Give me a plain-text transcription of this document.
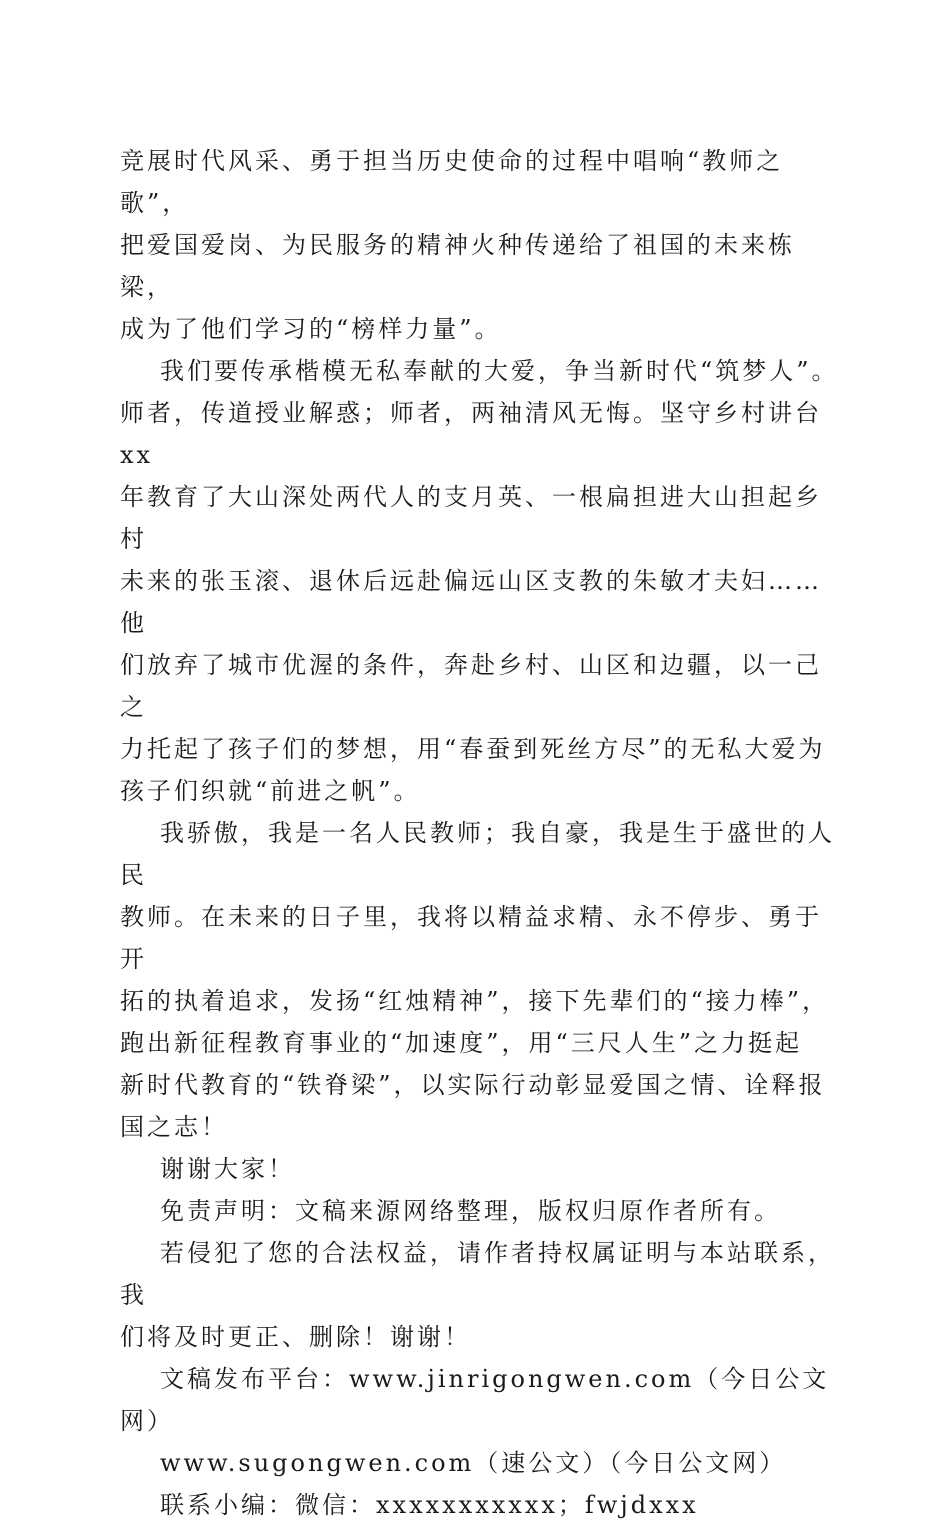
竞展时代风采、勇于担当历史使命的过程中唱响“教师之歌”，
把爱国爱岗、为民服务的精神火种传递给了祖国的未来栋梁，
成为了他们学习的“榜样力量”。

我们要传承楷模无私奉献的大爱，争当新时代“筑梦人”。
师者，传道授业解惑；师者，两袖清风无悔。坚守乡村讲台xx
年教育了大山深处两代人的支月英、一根扁担进大山担起乡村
未来的张玉滚、退休后远赴偏远山区支教的朱敏才夫妇……他
们放弃了城市优渥的条件，奔赴乡村、山区和边疆，以一己之
力托起了孩子们的梦想，用“春蚕到死丝方尽”的无私大爱为
孩子们织就“前进之帆”。

我骄傲，我是一名人民教师；我自豪，我是生于盛世的人民
教师。在未来的日子里，我将以精益求精、永不停步、勇于开
拓的执着追求，发扬“红烛精神”，接下先辈们的“接力棒”，
跑出新征程教育事业的“加速度”，用“三尺人生”之力挺起
新时代教育的“铁脊梁”，以实际行动彰显爱国之情、诠释报
国之志！

谢谢大家！

免责声明：文稿来源网络整理，版权归原作者所有。

若侵犯了您的合法权益，请作者持权属证明与本站联系，我
们将及时更正、删除！谢谢！

文稿发布平台：www.jinrigongwen.com（今日公文网）

www.sugongwen.com（速公文）（今日公文网）

联系小编：微信：xxxxxxxxxxx；fwjdxxx
